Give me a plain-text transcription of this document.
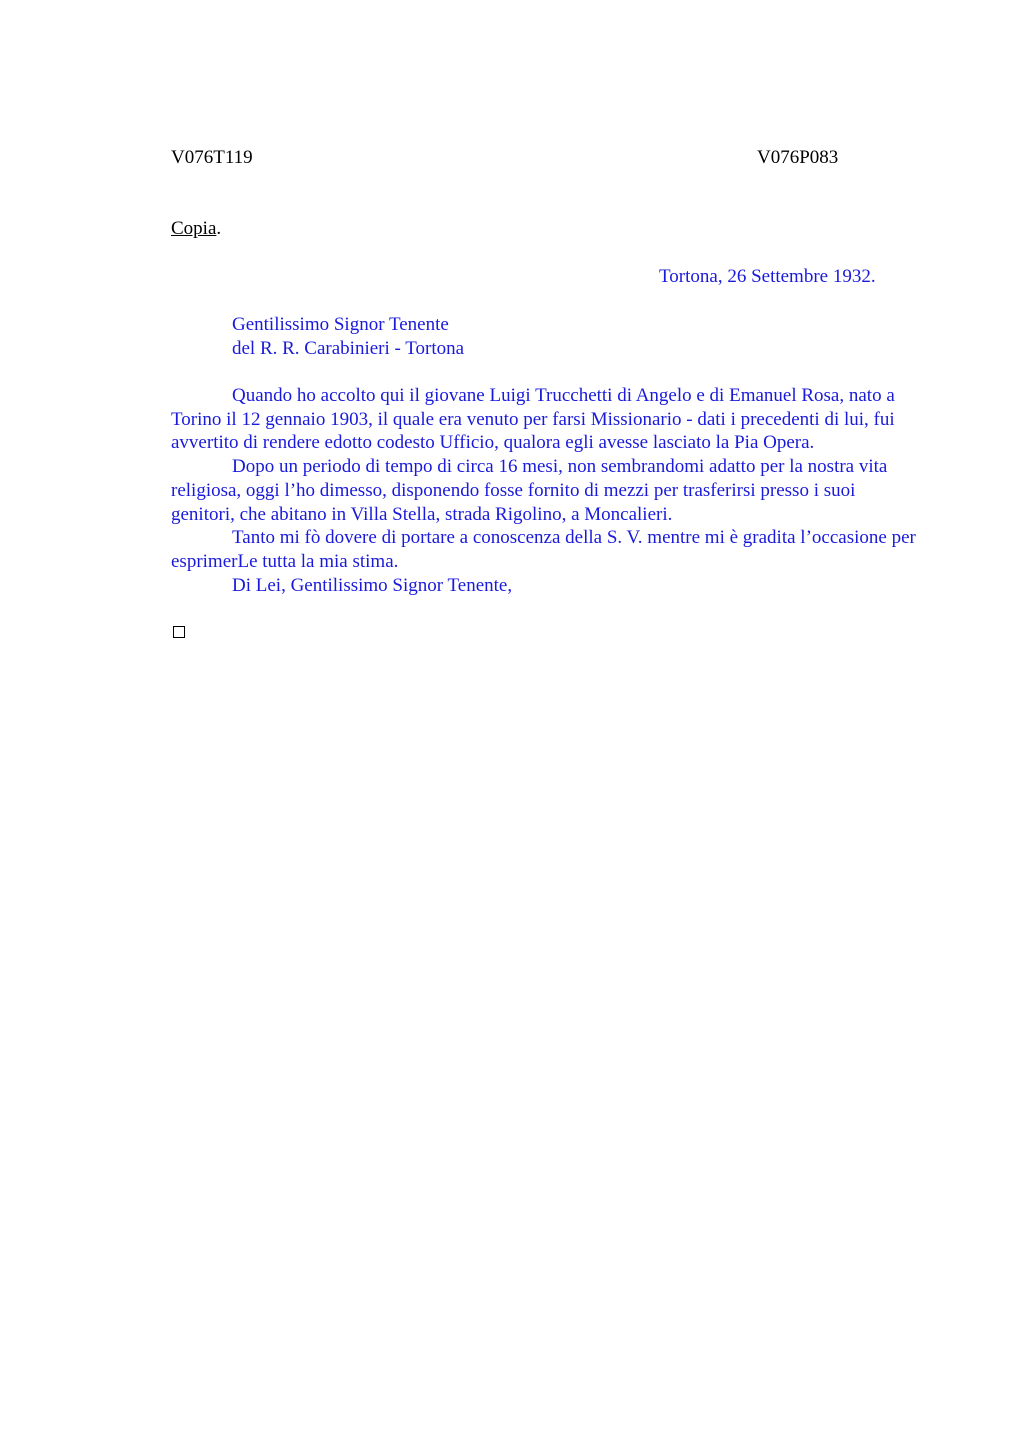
V076T119	V076P083
Copia.
Tortona, 26 Settembre 1932.
Gentilissimo Signor Tenente
del R. R. Carabinieri - Tortona

Quando ho accolto qui il giovane Luigi Trucchetti di Angelo e di Emanuel Rosa, nato a Torino il 12 gennaio 1903, il quale era venuto per farsi Missionario - dati i precedenti di lui, fui avvertito di rendere edotto codesto Ufficio, qualora egli avesse lasciato la Pia Opera.

Dopo un periodo di tempo di circa 16 mesi, non sembrandomi adatto per la nostra vita religiosa, oggi l’ho dimesso, disponendo fosse fornito di mezzi per trasferirsi presso i suoi genitori, che abitano in Villa Stella, strada Rigolino, a Moncalieri.

Tanto mi fò dovere di portare a conoscenza della S. V. mentre mi è gradita l’occasione per esprimerLe tutta la mia stima.

Di Lei, Gentilissimo Signor Tenente,
